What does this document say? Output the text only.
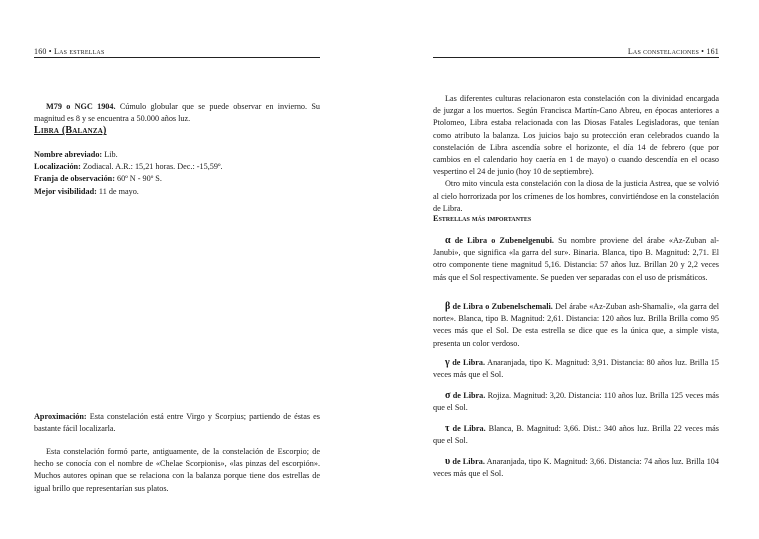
160 • Las estrellas

M79 o NGC 1904. Cúmulo globular que se puede observar en invierno. Su magnitud es 8 y se encuentra a 50.000 años luz.

Libra (Balanza)

Nombre abreviado: Lib.

Localización: Zodiacal. A.R.: 15,21 horas. Dec.: -15,59º.

Franja de observación: 60º N - 90º S.

Mejor visibilidad: 11 de mayo.

Aproximación: Esta constelación está entre Virgo y Scorpius; partiendo de éstas es bastante fácil localizarla.

Esta constelación formó parte, antiguamente, de la constelación de Escorpio; de hecho se conocía con el nombre de «Chelae Scorpionis», «las pinzas del escorpión». Muchos autores opinan que se relaciona con la balanza porque tiene dos estrellas de igual brillo que representarían sus platos.

Las constelaciones • 161

Las diferentes culturas relacionaron esta constelación con la divinidad encargada de juzgar a los muertos. Según Francisca Martín-Cano Abreu, en épocas anteriores a Ptolomeo, Libra estaba relacionada con las Diosas Fatales Legisladoras, que tenían como atributo la balanza. Los juicios bajo su protección eran celebrados cuando la constelación de Libra ascendía sobre el horizonte, el día 14 de febrero (que por cambios en el calendario hoy caería en 1 de mayo) o cuando descendía en el ocaso vespertino el 24 de junio (hoy 10 de septiembre).

Otro mito vincula esta constelación con la diosa de la justicia Astrea, que se volvió al cielo horrorizada por los crímenes de los hombres, convirtiéndose en la constelación de Libra.

Estrellas más importantes

α de Libra o Zubenelgenubi. Su nombre proviene del árabe «Az-Zuban al-Janubi», que significa «la garra del sur». Binaria. Blanca, tipo B. Magnitud: 2,71. El otro componente tiene magnitud 5,16. Distancia: 57 años luz. Brillan 20 y 2,2 veces más que el Sol respectivamente. Se pueden ver separadas con el uso de prismáticos.

β de Libra o Zubenelschemali. Del árabe «Az-Zuban ash-Shamali», «la garra del norte». Blanca, tipo B. Magnitud: 2,61. Distancia: 120 años luz. Brilla Brilla como 95 veces más que el Sol. De esta estrella se dice que es la única que, a simple vista, presenta un color verdoso.

γ de Libra. Anaranjada, tipo K. Magnitud: 3,91. Distancia: 80 años luz. Brilla 15 veces más que el Sol.

σ de Libra. Rojiza. Magnitud: 3,20. Distancia: 110 años luz. Brilla 125 veces más que el Sol.

τ de Libra. Blanca, B. Magnitud: 3,66. Dist.: 340 años luz. Brilla 22 veces más que el Sol.

υ de Libra. Anaranjada, tipo K. Magnitud: 3,66. Distancia: 74 años luz. Brilla 104 veces más que el Sol.
